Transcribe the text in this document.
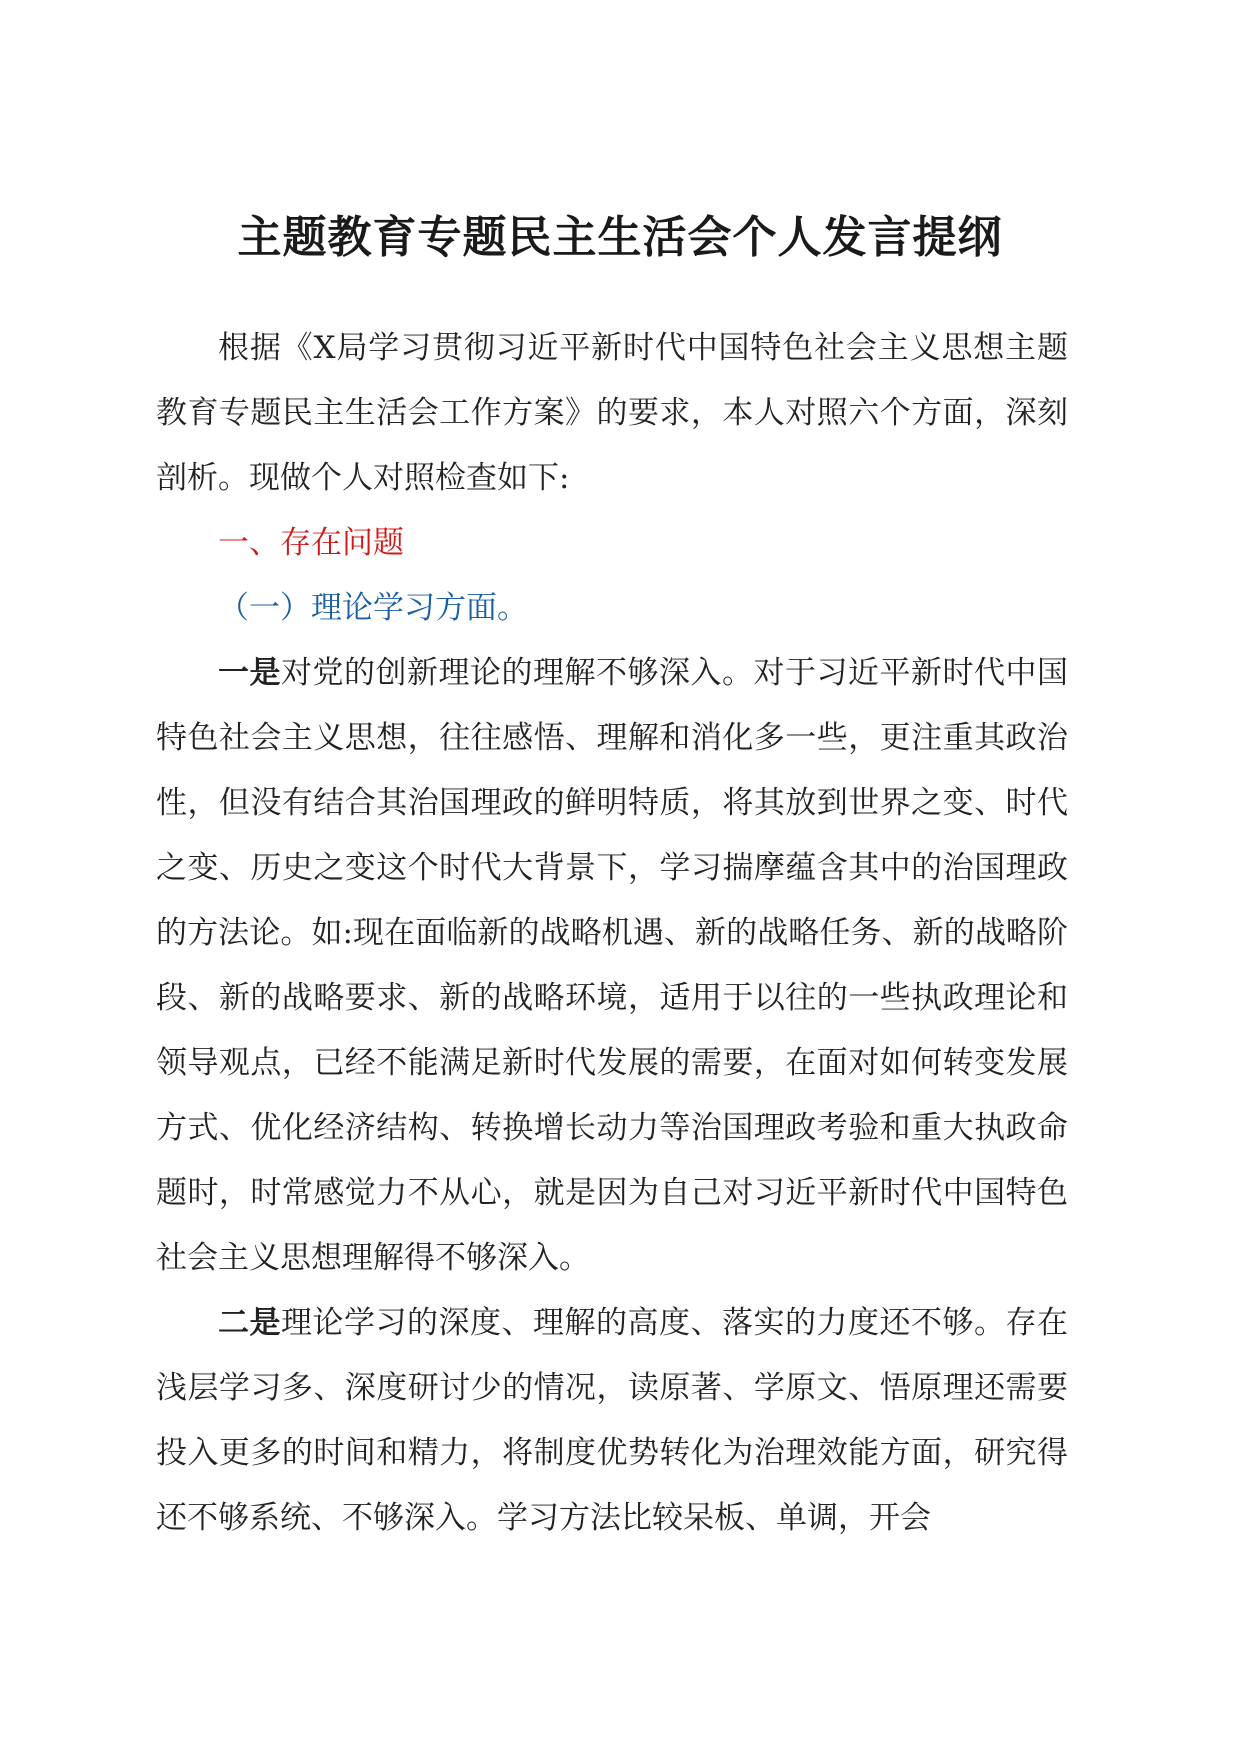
主题教育专题民主生活会个人发言提纲

根据《X局学习贯彻习近平新时代中国特色社会主义思想主题教育专题民主生活会工作方案》的要求，本人对照六个方面，深刻剖析。现做个人对照检查如下:

一、存在问题

（一）理论学习方面。

一是对党的创新理论的理解不够深入。对于习近平新时代中国特色社会主义思想，往往感悟、理解和消化多一些，更注重其政治性，但没有结合其治国理政的鲜明特质，将其放到世界之变、时代之变、历史之变这个时代大背景下，学习揣摩蕴含其中的治国理政的方法论。如:现在面临新的战略机遇、新的战略任务、新的战略阶段、新的战略要求、新的战略环境，适用于以往的一些执政理论和领导观点，已经不能满足新时代发展的需要，在面对如何转变发展方式、优化经济结构、转换增长动力等治国理政考验和重大执政命题时，时常感觉力不从心，就是因为自己对习近平新时代中国特色社会主义思想理解得不够深入。

二是理论学习的深度、理解的高度、落实的力度还不够。存在浅层学习多、深度研讨少的情况，读原著、学原文、悟原理还需要投入更多的时间和精力，将制度优势转化为治理效能方面，研究得还不够系统、不够深入。学习方法比较呆板、单调，开会
